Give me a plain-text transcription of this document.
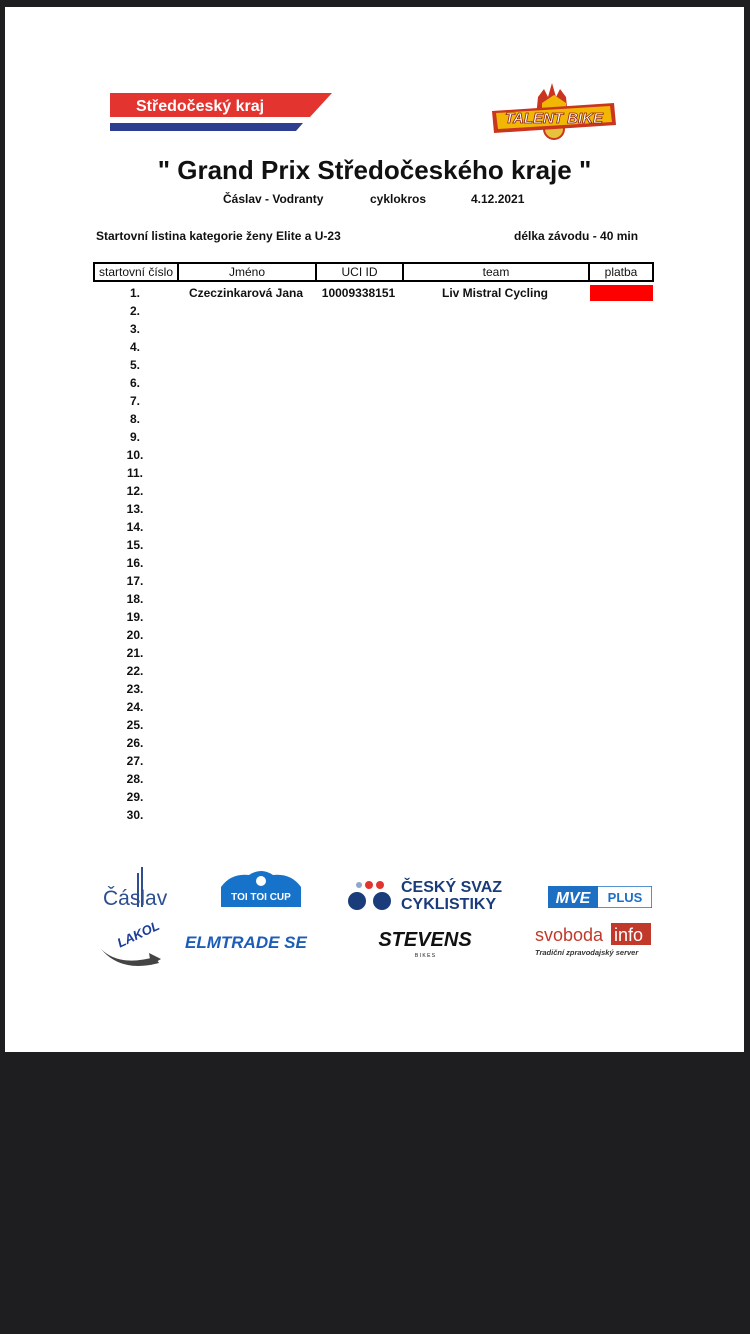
Středočeský kraj
TALENT BIKE
" Grand Prix Středočeského kraje "
Čáslav - Vodranty	cyklokros	4.12.2021
Startovní listina kategorie ženy Elite a U-23	délka závodu - 40 min
startovní číslo	Jméno	UCI ID	team	platba
1.	Czeczinkarová Jana	10009338151	Liv Mistral Cycling
2.
3.
4.
5.
6.
7.
8.
9.
10.
11.
12.
13.
14.
15.
16.
17.
18.
19.
20.
21.
22.
23.
24.
25.
26.
27.
28.
29.
30.
Čáslav	TOI TOI CUP
ČESKÝ SVAZ
CYKLISTIKY	MVE PLUS
LAKOL ELMTRADE SE	STEVENS
B I K E S
svoboda info
Tradiční zpravodajský server
